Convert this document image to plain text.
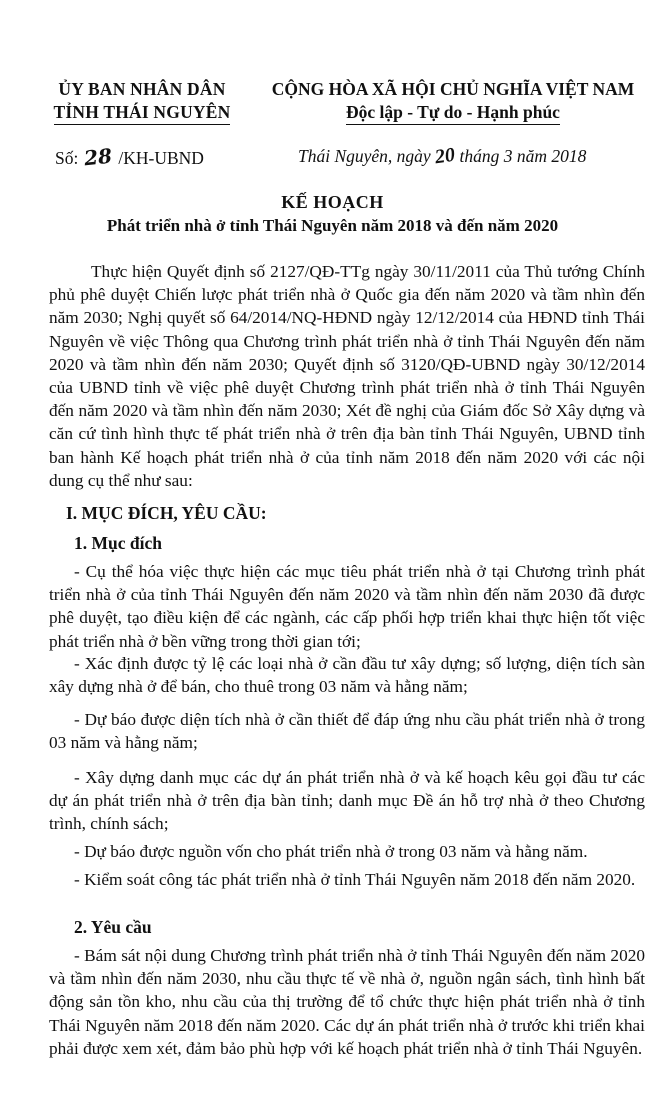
ỦY BAN NHÂN DÂN
TỈNH THÁI NGUYÊN
CỘNG HÒA XÃ HỘI CHỦ NGHĨA VIỆT NAM
Độc lập - Tự do - Hạnh phúc
Số: 28 /KH-UBND	Thái Nguyên, ngày 20 tháng 3 năm 2018
KẾ HOẠCH
Phát triển nhà ở tỉnh Thái Nguyên năm 2018 và đến năm 2020
Thực hiện Quyết định số 2127/QĐ-TTg ngày 30/11/2011 của Thủ tướng Chính phủ phê duyệt Chiến lược phát triển nhà ở Quốc gia đến năm 2020 và tầm nhìn đến năm 2030; Nghị quyết số 64/2014/NQ-HĐND ngày 12/12/2014 của HĐND tỉnh Thái Nguyên về việc Thông qua Chương trình phát triển nhà ở tỉnh Thái Nguyên đến năm 2020 và tầm nhìn đến năm 2030; Quyết định số 3120/QĐ-UBND ngày 30/12/2014 của UBND tỉnh về việc phê duyệt Chương trình phát triển nhà ở tỉnh Thái Nguyên đến năm 2020 và tầm nhìn đến năm 2030; Xét đề nghị của Giám đốc Sở Xây dựng và căn cứ tình hình thực tế phát triển nhà ở trên địa bàn tỉnh Thái Nguyên, UBND tỉnh ban hành Kế hoạch phát triển nhà ở của tỉnh năm 2018 đến năm 2020 với các nội dung cụ thể như sau:
I. MỤC ĐÍCH, YÊU CẦU:
1. Mục đích
- Cụ thể hóa việc thực hiện các mục tiêu phát triển nhà ở tại Chương trình phát triển nhà ở của tỉnh Thái Nguyên đến năm 2020 và tầm nhìn đến năm 2030 đã được phê duyệt, tạo điều kiện để các ngành, các cấp phối hợp triển khai thực hiện tốt việc phát triển nhà ở bền vững trong thời gian tới;
- Xác định được tỷ lệ các loại nhà ở cần đầu tư xây dựng; số lượng, diện tích sàn xây dựng nhà ở để bán, cho thuê trong 03 năm và hằng năm;
- Dự báo được diện tích nhà ở cần thiết để đáp ứng nhu cầu phát triển nhà ở trong 03 năm và hằng năm;
- Xây dựng danh mục các dự án phát triển nhà ở và kế hoạch kêu gọi đầu tư các dự án phát triển nhà ở trên địa bàn tỉnh; danh mục Đề án hỗ trợ nhà ở theo Chương trình, chính sách;
- Dự báo được nguồn vốn cho phát triển nhà ở trong 03 năm và hằng năm.
- Kiểm soát công tác phát triển nhà ở tỉnh Thái Nguyên năm 2018 đến năm 2020.
2. Yêu cầu
- Bám sát nội dung Chương trình phát triển nhà ở tỉnh Thái Nguyên đến năm 2020 và tầm nhìn đến năm 2030, nhu cầu thực tế về nhà ở, nguồn ngân sách, tình hình bất động sản tồn kho, nhu cầu của thị trường để tổ chức thực hiện phát triển nhà ở tỉnh Thái Nguyên năm 2018 đến năm 2020. Các dự án phát triển nhà ở trước khi triển khai phải được xem xét, đảm bảo phù hợp với kế hoạch phát triển nhà ở tỉnh Thái Nguyên.
